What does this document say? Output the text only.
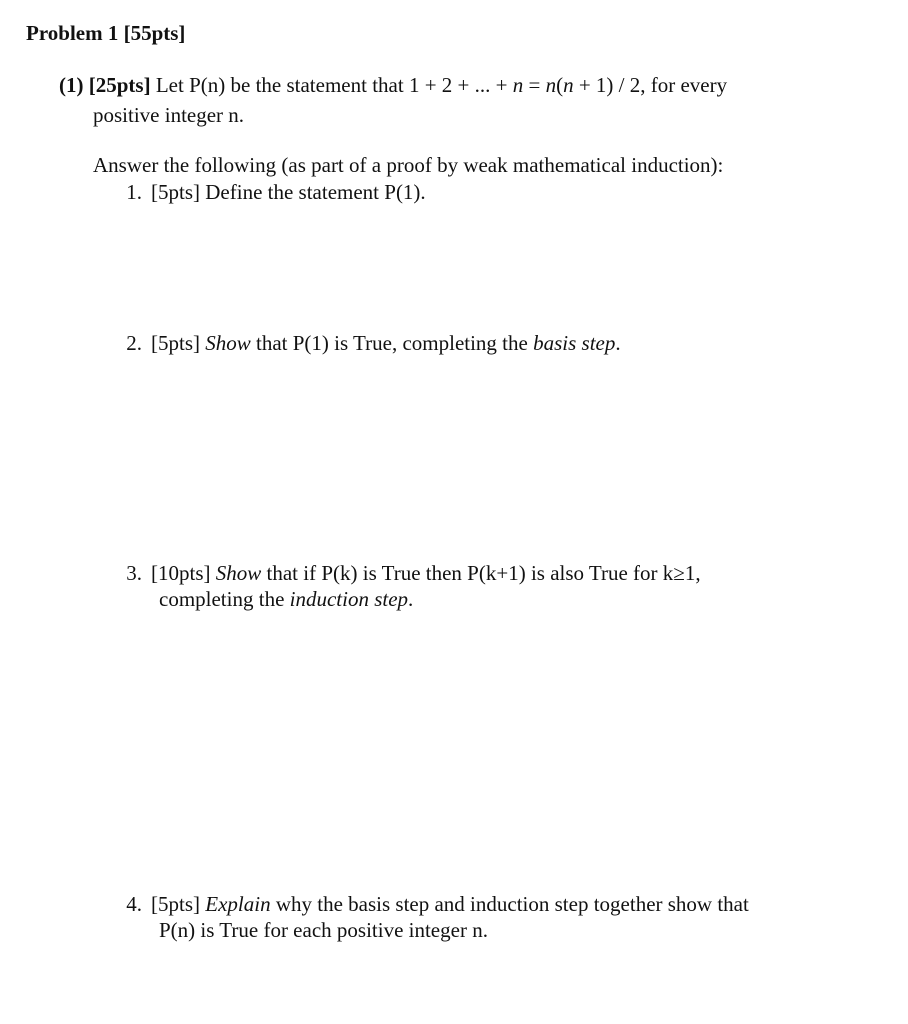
Problem 1 [55pts]
(1) [25pts] Let P(n) be the statement that 1 + 2 + ... + n = n(n + 1) / 2, for every
positive integer n.
Answer the following (as part of a proof by weak mathematical induction):
1. [5pts] Define the statement P(1).
2. [5pts] Show that P(1) is True, completing the basis step.
3. [10pts] Show that if P(k) is True then P(k+1) is also True for k≥1,
completing the induction step.
4. [5pts] Explain why the basis step and induction step together show that
P(n) is True for each positive integer n.
